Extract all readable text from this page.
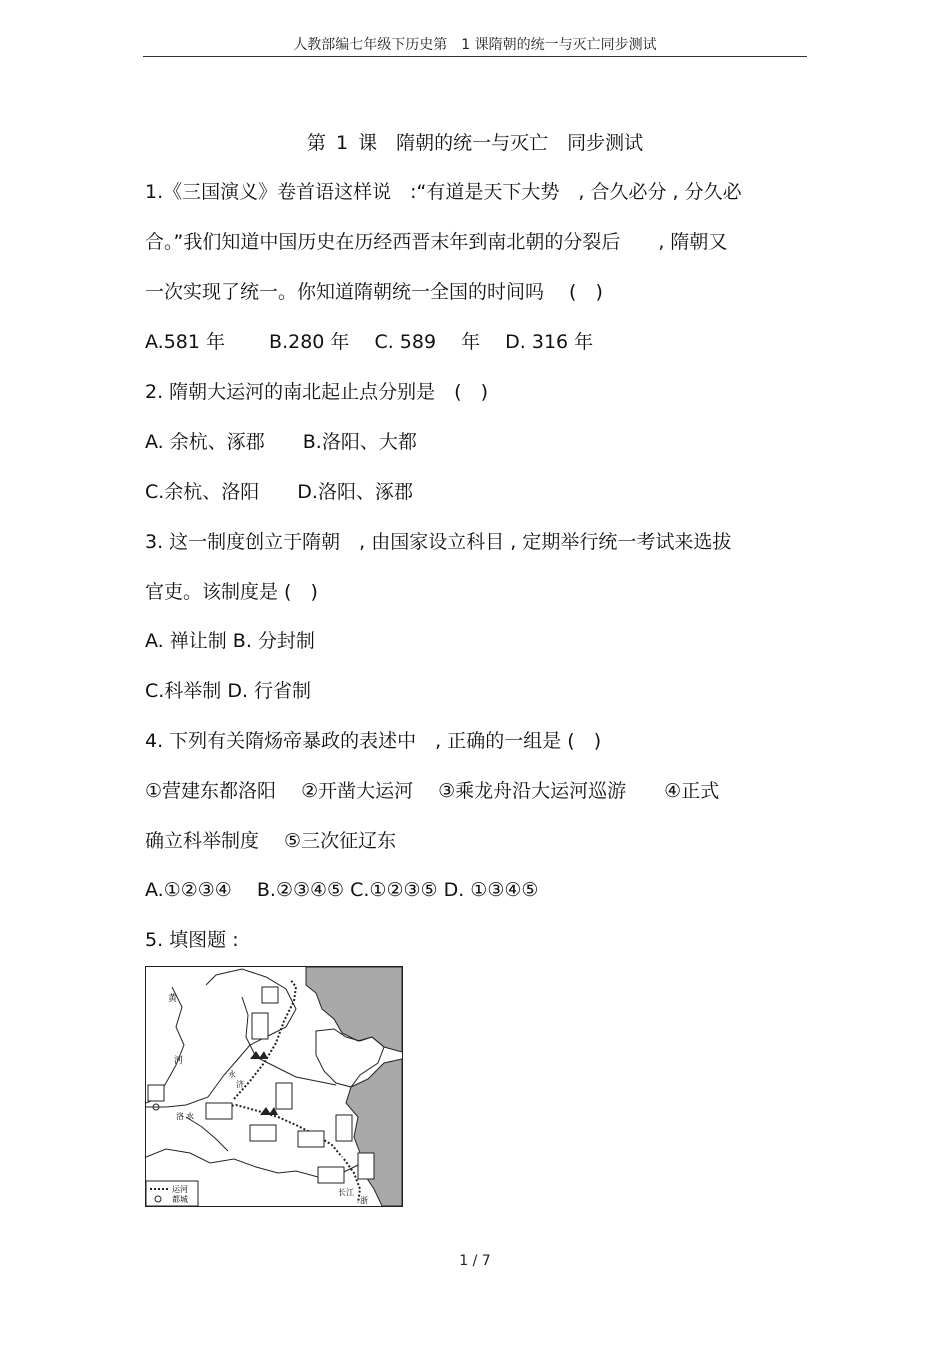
人教部编七年级下历史第　1 课隋朝的统一与灭亡同步测试
第 1 课　隋朝的统一与灭亡　同步测试
1.《三国演义》卷首语这样说　:“有道是天下大势　, 合久必分 , 分久必
合。”我们知道中国历史在历经西晋末年到南北朝的分裂后　　, 隋朝又
一次实现了统一。你知道隋朝统一全国的时间吗　 (　)
A.581 年　　 B.280 年　 C. 589　 年　 D. 316 年
2. 隋朝大运河的南北起止点分别是　(　)
A. 余杭、涿郡　　B.洛阳、大都
C.余杭、洛阳　　D.洛阳、涿郡
3. 这一制度创立于隋朝　, 由国家设立科目 , 定期举行统一考试来选拔
官吏。该制度是 (　)
A. 禅让制 B. 分封制
C.科举制 D. 行省制
4. 下列有关隋炀帝暴政的表述中　, 正确的一组是 (　)
①营建东都洛阳　 ②开凿大运河　 ③乘龙舟沿大运河巡游　　④正式
确立科举制度　 ⑤三次征辽东
A.①②③④　 B.②③④⑤ C.①②③⑤ D. ①③④⑤
5. 填图题 :
黄
河
永
济
洛 水
长 江
浙
运河
都城
1 / 7
